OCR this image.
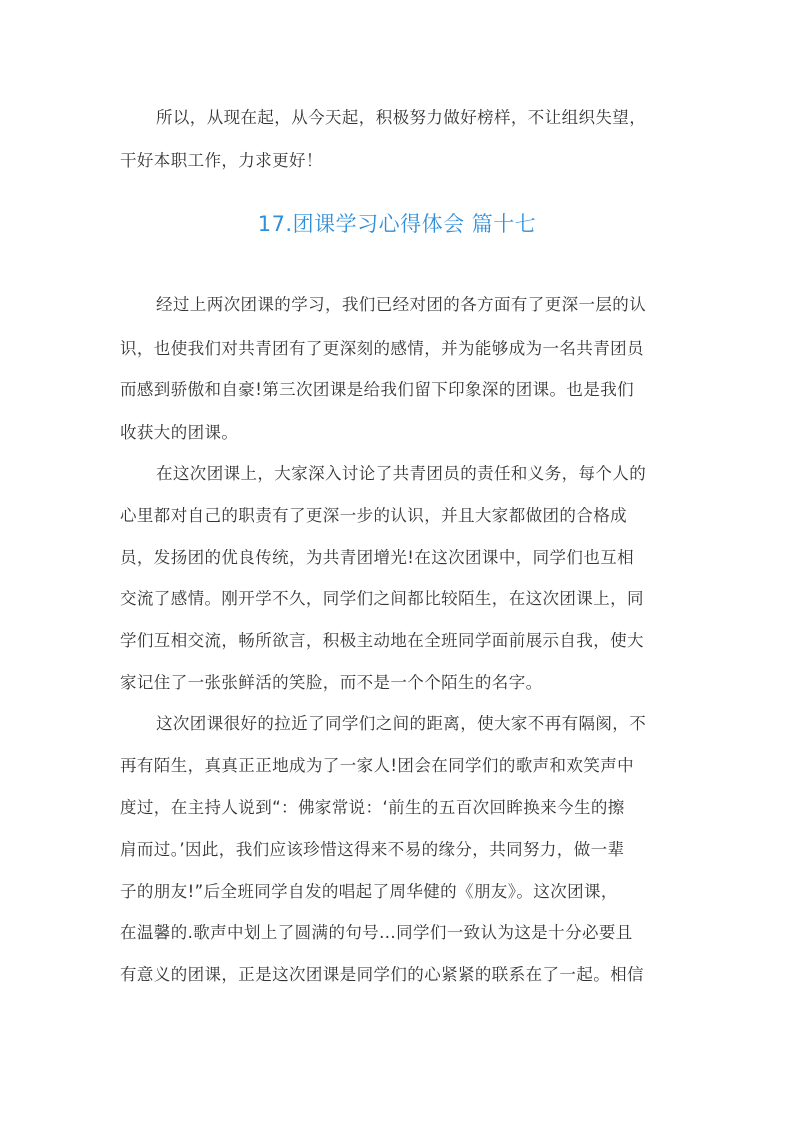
所以，从现在起，从今天起，积极努力做好榜样，不让组织失望，
干好本职工作，力求更好！
17.团课学习心得体会 篇十七
经过上两次团课的学习，我们已经对团的各方面有了更深一层的认
识，也使我们对共青团有了更深刻的感情，并为能够成为一名共青团员
而感到骄傲和自豪!第三次团课是给我们留下印象深的团课。也是我们
收获大的团课。
在这次团课上，大家深入讨论了共青团员的责任和义务，每个人的
心里都对自己的职责有了更深一步的认识，并且大家都做团的合格成
员，发扬团的优良传统，为共青团增光!在这次团课中，同学们也互相
交流了感情。刚开学不久，同学们之间都比较陌生，在这次团课上，同
学们互相交流，畅所欲言，积极主动地在全班同学面前展示自我，使大
家记住了一张张鲜活的笑脸，而不是一个个陌生的名字。
这次团课很好的拉近了同学们之间的距离，使大家不再有隔阂，不
再有陌生，真真正正地成为了一家人!团会在同学们的歌声和欢笑声中
度过，在主持人说到“：佛家常说：‘前生的五百次回眸换来今生的擦
肩而过。’因此，我们应该珍惜这得来不易的缘分，共同努力，做一辈
子的朋友!”后全班同学自发的唱起了周华健的《朋友》。这次团课，
在温馨的.歌声中划上了圆满的句号...同学们一致认为这是十分必要且
有意义的团课，正是这次团课是同学们的心紧紧的联系在了一起。相信
